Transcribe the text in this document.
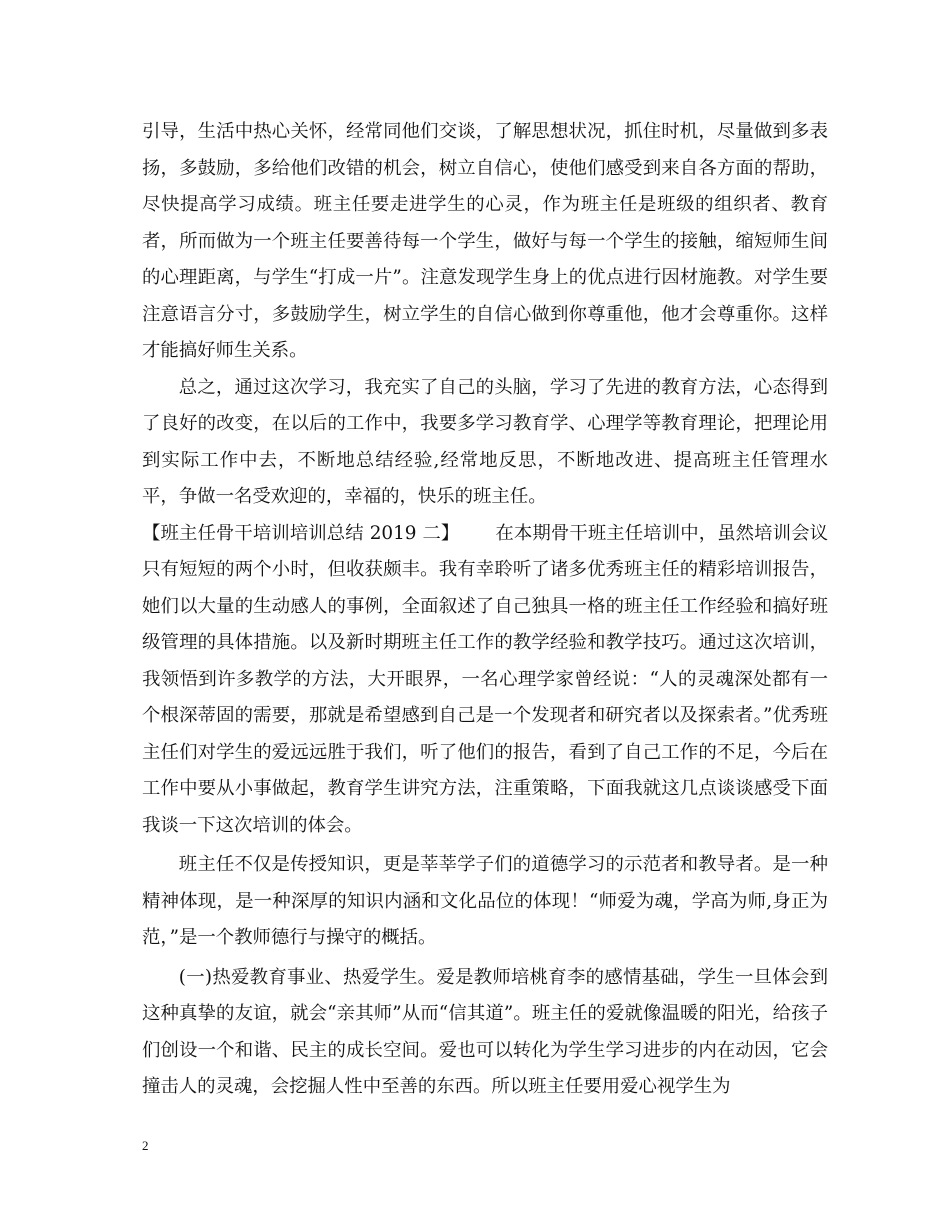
引导，生活中热心关怀，经常同他们交谈，了解思想状况，抓住时机，尽量做到多表扬，多鼓励，多给他们改错的机会，树立自信心，使他们感受到来自各方面的帮助，尽快提高学习成绩。班主任要走进学生的心灵，作为班主任是班级的组织者、教育者，所而做为一个班主任要善待每一个学生，做好与每一个学生的接触，缩短师生间的心理距离，与学生“打成一片”。注意发现学生身上的优点进行因材施教。对学生要注意语言分寸，多鼓励学生，树立学生的自信心做到你尊重他，他才会尊重你。这样才能搞好师生关系。

总之，通过这次学习，我充实了自己的头脑，学习了先进的教育方法，心态得到了良好的改变，在以后的工作中，我要多学习教育学、心理学等教育理论，把理论用到实际工作中去，不断地总结经验,经常地反思，不断地改进、提高班主任管理水平，争做一名受欢迎的，幸福的，快乐的班主任。

【班主任骨干培训培训总结 2019 二】 在本期骨干班主任培训中，虽然培训会议只有短短的两个小时，但收获颇丰。我有幸聆听了诸多优秀班主任的精彩培训报告，她们以大量的生动感人的事例，全面叙述了自己独具一格的班主任工作经验和搞好班级管理的具体措施。以及新时期班主任工作的教学经验和教学技巧。通过这次培训，我领悟到许多教学的方法，大开眼界，一名心理学家曾经说：“人的灵魂深处都有一个根深蒂固的需要，那就是希望感到自己是一个发现者和研究者以及探索者。”优秀班主任们对学生的爱远远胜于我们，听了他们的报告，看到了自己工作的不足，今后在工作中要从小事做起，教育学生讲究方法，注重策略，下面我就这几点谈谈感受下面我谈一下这次培训的体会。

班主任不仅是传授知识，更是莘莘学子们的道德学习的示范者和教导者。是一种精神体现，是一种深厚的知识内涵和文化品位的体现！“师爱为魂，学高为师,身正为范，”是一个教师德行与操守的概括。

(一)热爱教育事业、热爱学生。爱是教师培桃育李的感情基础，学生一旦体会到这种真挚的友谊，就会“亲其师”从而“信其道”。班主任的爱就像温暖的阳光，给孩子们创设一个和谐、民主的成长空间。爱也可以转化为学生学习进步的内在动因，它会撞击人的灵魂，会挖掘人性中至善的东西。所以班主任要用爱心视学生为

2
